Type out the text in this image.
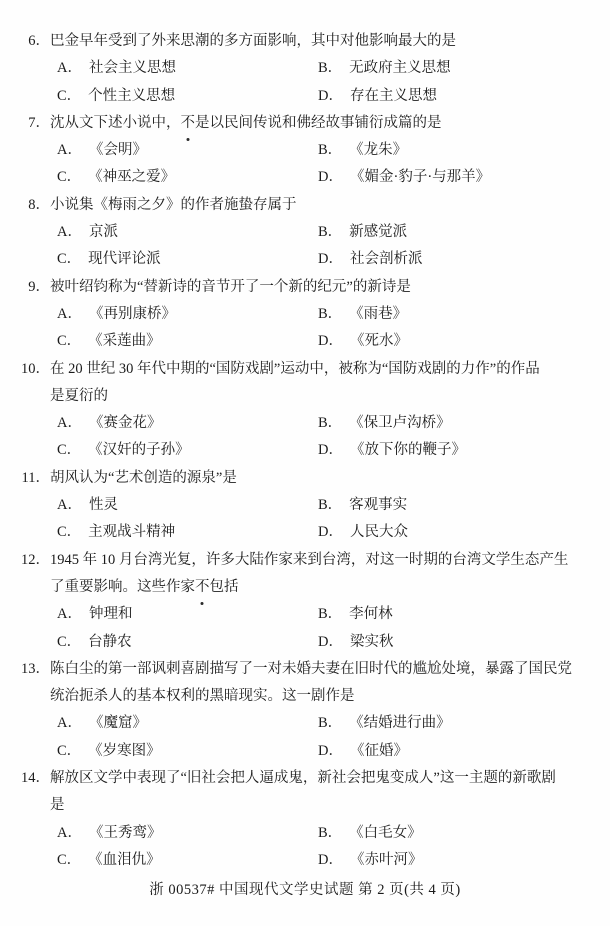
6． 巴金早年受到了外来思潮的多方面影响，其中对他影响最大的是
A． 社会主义思想	B． 无政府主义思想
C． 个性主义思想	D． 存在主义思想
7． 沈从文下述小说中，不是以民间传说和佛经故事铺衍成篇的是
A． 《会明》	B． 《龙朱》
C． 《神巫之爱》	D． 《媚金·豹子·与那羊》
8． 小说集《梅雨之夕》的作者施蛰存属于
A． 京派	B． 新感觉派
C． 现代评论派	D． 社会剖析派
9． 被叶绍钧称为“替新诗的音节开了一个新的纪元”的新诗是
A． 《再别康桥》	B． 《雨巷》
C． 《采莲曲》	D． 《死水》
10． 在 20 世纪 30 年代中期的“国防戏剧”运动中，被称为“国防戏剧的力作”的作品
是夏衍的
A． 《赛金花》	B． 《保卫卢沟桥》
C． 《汉奸的子孙》	D． 《放下你的鞭子》
11． 胡风认为“艺术创造的源泉”是
A． 性灵	B． 客观事实
C． 主观战斗精神	D． 人民大众
12． 1945 年 10 月台湾光复，许多大陆作家来到台湾，对这一时期的台湾文学生态产生
了重要影响。这些作家不包括
A． 钟理和	B． 李何林
C． 台静农	D． 梁实秋
13． 陈白尘的第一部讽刺喜剧描写了一对未婚夫妻在旧时代的尴尬处境，暴露了国民党
统治扼杀人的基本权利的黑暗现实。这一剧作是
A． 《魔窟》	B． 《结婚进行曲》
C． 《岁寒图》	D． 《征婚》
14． 解放区文学中表现了“旧社会把人逼成鬼，新社会把鬼变成人”这一主题的新歌剧
是
A． 《王秀鸾》	B． 《白毛女》
C． 《血泪仇》	D． 《赤叶河》
浙 00537# 中国现代文学史试题 第 2 页(共 4 页)
